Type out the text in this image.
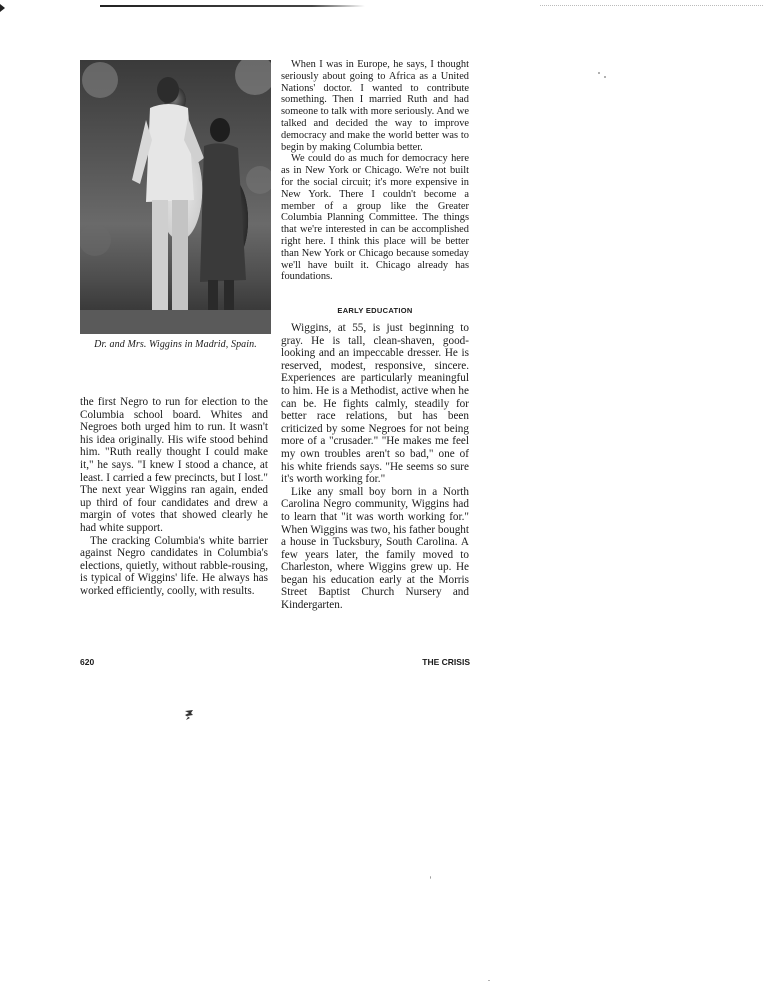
Dr. and Mrs. Wiggins in Madrid, Spain.

the first Negro to run for election to the Columbia school board. Whites and Negroes both urged him to run. It wasn't his idea originally. His wife stood behind him. "Ruth really thought I could make it," he says. "I knew I stood a chance, at least. I carried a few precincts, but I lost." The next year Wiggins ran again, ended up third of four candidates and drew a margin of votes that showed clearly he had white support.

The cracking Columbia's white barrier against Negro candidates in Columbia's elections, quietly, without rabble-rousing, is typical of Wiggins' life. He always has worked efficiently, coolly, with results.

When I was in Europe, he says, I thought seriously about going to Africa as a United Nations' doctor. I wanted to contribute something. Then I married Ruth and had someone to talk with more seriously. And we talked and decided the way to improve democracy and make the world better was to begin by making Columbia better.

We could do as much for democracy here as in New York or Chicago. We're not built for the social circuit; it's more expensive in New York. There I couldn't become a member of a group like the Greater Columbia Planning Committee. The things that we're interested in can be accomplished right here. I think this place will be better than New York or Chicago because someday we'll have built it. Chicago already has foundations.

EARLY EDUCATION

Wiggins, at 55, is just beginning to gray. He is tall, clean-shaven, good-looking and an impeccable dresser. He is reserved, modest, responsive, sincere. Experiences are particularly meaningful to him. He is a Methodist, active when he can be. He fights calmly, steadily for better race relations, but has been criticized by some Negroes for not being more of a "crusader." "He makes me feel my own troubles aren't so bad," one of his white friends says. "He seems so sure it's worth working for."

Like any small boy born in a North Carolina Negro community, Wiggins had to learn that "it was worth working for." When Wiggins was two, his father bought a house in Tucksbury, South Carolina. A few years later, the family moved to Charleston, where Wiggins grew up. He began his education early at the Morris Street Baptist Church Nursery and Kindergarten.

620	THE CRISIS
